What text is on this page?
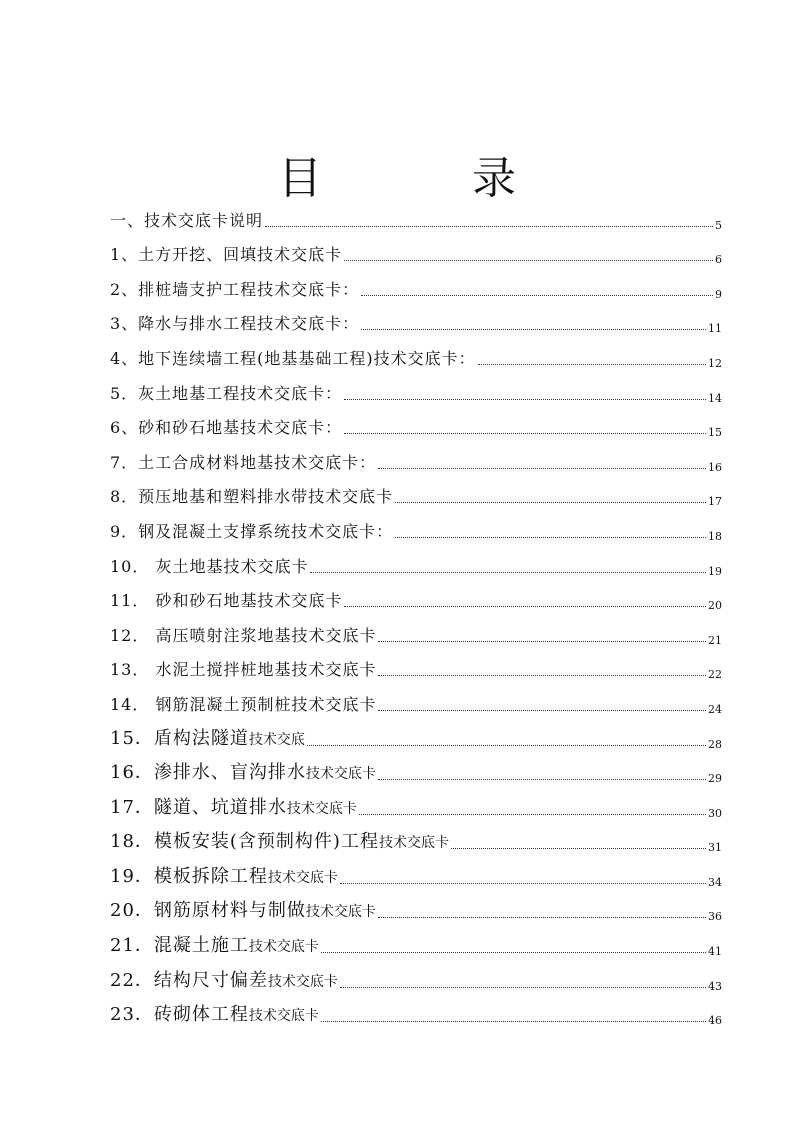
目 录
一、技术交底卡说明	5
1、土方开挖、回填技术交底卡	6
2、排桩墙支护工程技术交底卡：	9
3、降水与排水工程技术交底卡：	11
4、地下连续墙工程(地基基础工程)技术交底卡：	12
5．灰土地基工程技术交底卡：	14
6、砂和砂石地基技术交底卡：	15
7．土工合成材料地基技术交底卡：	16
8．预压地基和塑料排水带技术交底卡	17
9．钢及混凝土支撑系统技术交底卡：	18
10． 灰土地基技术交底卡	19
11． 砂和砂石地基技术交底卡	20
12． 高压喷射注浆地基技术交底卡	21
13． 水泥土搅拌桩地基技术交底卡	22
14． 钢筋混凝土预制桩技术交底卡	24
15．盾构法隧道技术交底	28
16．渗排水、盲沟排水技术交底卡	29
17．隧道、坑道排水技术交底卡	30
18．模板安装(含预制构件)工程技术交底卡	31
19．模板拆除工程技术交底卡	34
20．钢筋原材料与制做技术交底卡	36
21．混凝土施工技术交底卡	41
22．结构尺寸偏差技术交底卡	43
23．砖砌体工程技术交底卡	46
